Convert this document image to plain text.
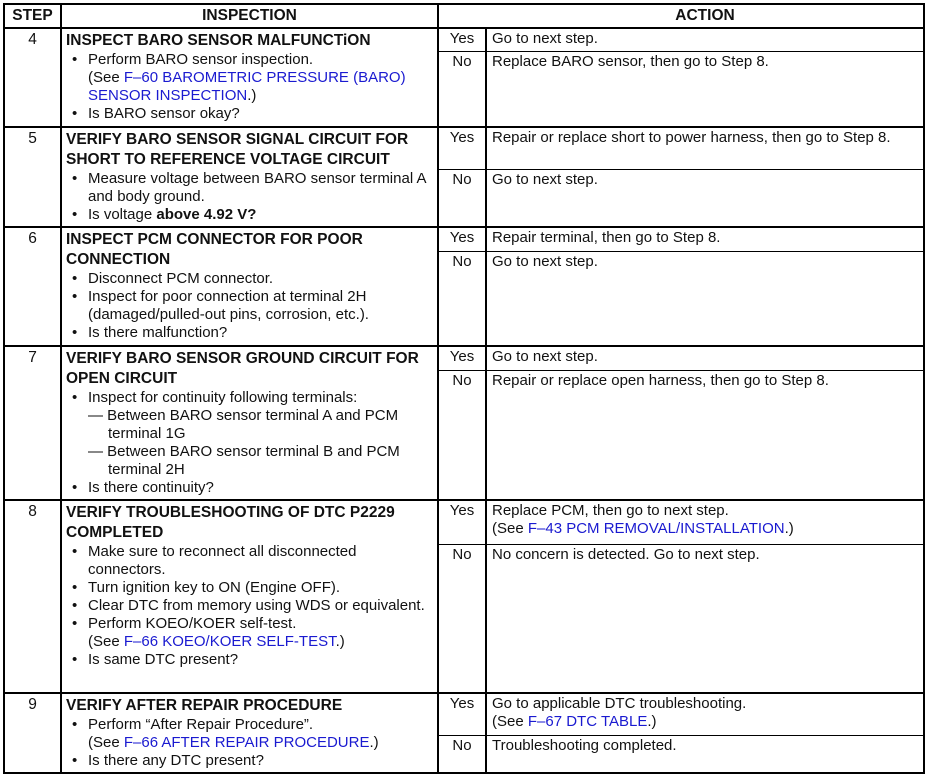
STEP	INSPECTION	ACTION
4	INSPECT BARO SENSOR MALFUNCTiON
• Perform BARO sensor inspection.
(See F–60 BAROMETRIC PRESSURE (BARO) SENSOR INSPECTION.)
• Is BARO sensor okay?
Yes	Go to next step.
No	Replace BARO sensor, then go to Step 8.
5	VERIFY BARO SENSOR SIGNAL CIRCUIT FOR SHORT TO REFERENCE VOLTAGE CIRCUIT
• Measure voltage between BARO sensor terminal A and body ground.
• Is voltage above 4.92 V?
Yes	Repair or replace short to power harness, then go to Step 8.
No	Go to next step.
6	INSPECT PCM CONNECTOR FOR POOR CONNECTION
• Disconnect PCM connector.
• Inspect for poor connection at terminal 2H (damaged/pulled-out pins, corrosion, etc.).
• Is there malfunction?
Yes	Repair terminal, then go to Step 8.
No	Go to next step.
7	VERIFY BARO SENSOR GROUND CIRCUIT FOR OPEN CIRCUIT
• Inspect for continuity following terminals:
— Between BARO sensor terminal A and PCM terminal 1G
— Between BARO sensor terminal B and PCM terminal 2H
• Is there continuity?
Yes	Go to next step.
No	Repair or replace open harness, then go to Step 8.
8	VERIFY TROUBLESHOOTING OF DTC P2229 COMPLETED
• Make sure to reconnect all disconnected connectors.
• Turn ignition key to ON (Engine OFF).
• Clear DTC from memory using WDS or equivalent.
• Perform KOEO/KOER self-test.
(See F–66 KOEO/KOER SELF-TEST.)
• Is same DTC present?
Yes	Replace PCM, then go to next step.
(See F–43 PCM REMOVAL/INSTALLATION.)
No	No concern is detected. Go to next step.
9	VERIFY AFTER REPAIR PROCEDURE
• Perform “After Repair Procedure”.
(See F–66 AFTER REPAIR PROCEDURE.)
• Is there any DTC present?
Yes	Go to applicable DTC troubleshooting.
(See F–67 DTC TABLE.)
No	Troubleshooting completed.
